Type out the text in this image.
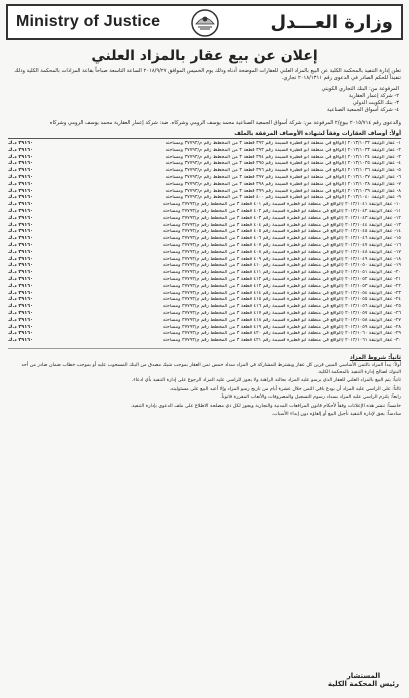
Ministry of Justice	وزارة العـــدل
إعلان عن بيع عقار بالمزاد العلني
تعلن إدارة التنفيذ بالمحكمة الكلية عن البيع بالمزاد العلني للعقارات الموضحة أدناه وذلك يوم الخميس الموافق ٢٠١٨/٩/٢٧ الساعة التاسعة صباحاً بقاعة المزادات بالمحكمة الكلية وذلك تنفيذاً للحكم الصادر في الدعوى رقم ٢٠١٨/١٣١١ تجاري.
المرفوعة من: البنك التجاري الكويتي
٢- شركة إعمار العقارية
٣- بنك الكويت الدولي
٤- شركة أسواق الجمعية الصناعية
والدعوى رقم ٢٠١٥/٧١٤ بيوع/٢ المرفوعة من: شركة أسواق الجمعية الصناعية محمد يوسف الرومي وشركاه. ضد: شركة إعمار العقارية محمد يوسف الرومي وشركاه
أولاً: أوصاف العقارات وفقاً لشهادة الأوصاف المرفقة بالملف
٢٩١٦٠ د.ك	١- عقار الوثيقة ٢٠١٣/١٠٣٢ (الواقع في منطقة أبو فطيرة قسيمة رقم ٣٩٢ قطعة ٣ من المخطط رقم م/٣٧٧٩٣ ومساحته
٢٩١٦٠ د.ك	٢- عقار الوثيقة ٢٠١٣/١٠٣٣ (الواقع في منطقة أبو فطيرة قسيمة رقم ٣٩٣ قطعة ٣ من المخطط رقم م/٣٧٧٩٣ ومساحته
٢٩١٦٠ د.ك	٣- عقار الوثيقة ٢٠١٣/١٠٣٤ (الواقع في منطقة أبو فطيرة قسيمة رقم ٣٩٤ قطعة ٣ من المخطط رقم م/٣٧٧٩٣ ومساحته
٢٩١٦٠ د.ك	٤- عقار الوثيقة ٢٠١٣/١٠٣٥ (الواقع في منطقة أبو فطيرة قسيمة رقم ٣٩٥ قطعة ٣ من المخطط رقم م/٣٧٧٩٣ ومساحته
٢٩١٦٠ د.ك	٥- عقار الوثيقة ٢٠١٣/١٠٣٦ (الواقع في منطقة أبو فطيرة قسيمة رقم ٣٩٦ قطعة ٣ من المخطط رقم م/٣٧٧٩٣ ومساحته
٢٩١٦٠ د.ك	٦- عقار الوثيقة ٢٠١٣/١٠٣٧ (الواقع في منطقة أبو فطيرة قسيمة رقم ٣٩٧ قطعة ٣ من المخطط رقم م/٣٧٧٩٣ ومساحته
٢٩١٦٠ د.ك	٧- عقار الوثيقة ٢٠١٣/١٠٣٨ (الواقع في منطقة أبو فطيرة قسيمة رقم ٣٩٨ قطعة ٣ من المخطط رقم م/٣٧٧٩٣ ومساحته
٢٩١٦٠ د.ك	٨- عقار الوثيقة ٢٠١٣/١٠٣٩ (الواقع في منطقة أبو فطيرة قسيمة رقم ٣٩٩ قطعة ٣ من المخطط رقم م/٣٧٧٩٣ ومساحته
٢٩١٦٠ د.ك	٩- عقار الوثيقة ٢٠١٣/١٠٤٠ (الواقع في منطقة أبو فطيرة قسيمة رقم ٤٠٠ قطعة ٣ من المخطط رقم م/٣٧٧٩٣ ومساحته
٢٩١٦٠ د.ك	١٠- عقار الوثيقة ٢٠١٣/١٠٤١ (الواقع في منطقة أبو فطيرة قسيمة رقم ٤٠١ قطعة ٣ من المخطط رقم م/٣٧٧٩٣ ومساحته
٢٩١٦٠ د.ك	١١- عقار الوثيقة ٢٠١٣/١٠٤٢ (الواقع في منطقة أبو فطيرة قسيمة رقم ٤٠٢ قطعة ٣ من المخطط رقم م/٣٧٧٩٣ ومساحته
٢٩١٦٠ د.ك	١٢- عقار الوثيقة ٢٠١٣/١٠٤٣ (الواقع في منطقة أبو فطيرة قسيمة رقم ٤٠٣ قطعة ٣ من المخطط رقم م/٣٧٧٩٣ ومساحته
٢٩١٦٠ د.ك	١٣- عقار الوثيقة ٢٠١٣/١٠٤٤ (الواقع في منطقة أبو فطيرة قسيمة رقم ٤٠٤ قطعة ٣ من المخطط رقم م/٣٧٧٩٣ ومساحته
٢٩١٦٠ د.ك	١٤- عقار الوثيقة ٢٠١٣/١٠٤٥ (الواقع في منطقة أبو فطيرة قسيمة رقم ٤٠٥ قطعة ٣ من المخطط رقم م/٣٧٧٩٣ ومساحته
٢٩١٦٠ د.ك	١٥- عقار الوثيقة ٢٠١٣/١٠٤٦ (الواقع في منطقة أبو فطيرة قسيمة رقم ٤٠٦ قطعة ٣ من المخطط رقم م/٣٧٧٩٣ ومساحته
٢٩١٦٠ د.ك	١٦- عقار الوثيقة ٢٠١٣/١٠٤٧ (الواقع في منطقة أبو فطيرة قسيمة رقم ٤٠٧ قطعة ٣ من المخطط رقم م/٣٧٧٩٣ ومساحته
٢٩١٦٠ د.ك	١٧- عقار الوثيقة ٢٠١٣/١٠٤٨ (الواقع في منطقة أبو فطيرة قسيمة رقم ٤٠٨ قطعة ٣ من المخطط رقم م/٣٧٧٩٣ ومساحته
٢٩١٦٠ د.ك	١٨- عقار الوثيقة ٢٠١٣/١٠٤٩ (الواقع في منطقة أبو فطيرة قسيمة رقم ٤٠٩ قطعة ٣ من المخطط رقم م/٣٧٧٩٣ ومساحته
٢٩١٦٠ د.ك	١٩- عقار الوثيقة ٢٠١٣/١٠٥٠ (الواقع في منطقة أبو فطيرة قسيمة رقم ٤١٠ قطعة ٣ من المخطط رقم م/٣٧٧٩٣ ومساحته
٢٩١٦٠ د.ك	٢٠- عقار الوثيقة ٢٠١٣/١٠٥١ (الواقع في منطقة أبو فطيرة قسيمة رقم ٤١١ قطعة ٣ من المخطط رقم م/٣٧٧٩٣ ومساحته
٢٩١٦٠ د.ك	٢١- عقار الوثيقة ٢٠١٣/١٠٥٢ (الواقع في منطقة أبو فطيرة قسيمة رقم ٤١٢ قطعة ٣ من المخطط رقم م/٣٧٧٩٣ ومساحته
٢٩١٦٠ د.ك	٢٢- عقار الوثيقة ٢٠١٣/١٠٥٣ (الواقع في منطقة أبو فطيرة قسيمة رقم ٤١٣ قطعة ٣ من المخطط رقم م/٣٧٧٩٣ ومساحته
٢٩١٦٠ د.ك	٢٣- عقار الوثيقة ٢٠١٣/١٠٥٤ (الواقع في منطقة أبو فطيرة قسيمة رقم ٤١٤ قطعة ٣ من المخطط رقم م/٣٧٧٩٣ ومساحته
٢٩١٦٠ د.ك	٢٤- عقار الوثيقة ٢٠١٣/١٠٥٥ (الواقع في منطقة أبو فطيرة قسيمة رقم ٤١٥ قطعة ٣ من المخطط رقم م/٣٧٧٩٣ ومساحته
٢٩١٦٠ د.ك	٢٥- عقار الوثيقة ٢٠١٣/١٠٥٦ (الواقع في منطقة أبو فطيرة قسيمة رقم ٤١٦ قطعة ٣ من المخطط رقم م/٣٧٧٩٣ ومساحته
٢٩١٦٠ د.ك	٢٦- عقار الوثيقة ٢٠١٣/١٠٥٧ (الواقع في منطقة أبو فطيرة قسيمة رقم ٤١٧ قطعة ٣ من المخطط رقم م/٣٧٧٩٣ ومساحته
٢٩١٦٠ د.ك	٢٧- عقار الوثيقة ٢٠١٣/١٠٥٨ (الواقع في منطقة أبو فطيرة قسيمة رقم ٤١٨ قطعة ٣ من المخطط رقم م/٣٧٧٩٣ ومساحته
٢٩١٦٠ د.ك	٢٨- عقار الوثيقة ٢٠١٣/١٠٥٩ (الواقع في منطقة أبو فطيرة قسيمة رقم ٤١٩ قطعة ٣ من المخطط رقم م/٣٧٧٩٣ ومساحته
٢٩١٦٠ د.ك	٢٩- عقار الوثيقة ٢٠١٣/١٠٦٠ (الواقع في منطقة أبو فطيرة قسيمة رقم ٤٢٠ قطعة ٣ من المخطط رقم م/٣٧٧٩٣ ومساحته
٢٩١٦٠ د.ك	٣٠- عقار الوثيقة ٢٠١٣/١٠٦١ (الواقع في منطقة أبو فطيرة قسيمة رقم ٤٢١ قطعة ٣ من المخطط رقم م/٣٧٧٩٣ ومساحته
ثانياً: شروط المزاد
أولاً: يبدأ المزاد بالثمن الأساسي المبين قرين كل عقار ويشترط للمشاركة في المزاد سداد خمس ثمن العقار بموجب شيك مصدق من البنك المسحوب عليه أو بموجب خطاب ضمان صادر من أحد البنوك لصالح إدارة التنفيذ بالمحكمة الكلية.
ثانياً: يتم البيع بالمزاد العلني للعقار الذي يرسو عليه المزاد بحالته الراهنة ولا يجوز للراسي عليه المزاد الرجوع على إدارة التنفيذ بأي ادعاء.
ثالثاً: على الراسي عليه المزاد أن يودع باقي الثمن خلال عشرة أيام من تاريخ رسو المزاد وإلا أعيد البيع على مسئوليته.
رابعاً: يلتزم الراسي عليه المزاد بسداد رسوم التسجيل والمصروفات والأتعاب المقررة قانوناً.
خامساً: تنشر هذه الإعلانات وفقاً لأحكام قانون المرافعات المدنية والتجارية ويجوز لكل ذي مصلحة الاطلاع على ملف الدعوى بإدارة التنفيذ.
سادساً: يحق لإدارة التنفيذ تأجيل البيع أو إلغاؤه دون إبداء الأسباب.
المستشار
رئيس المحكمة الكلية
